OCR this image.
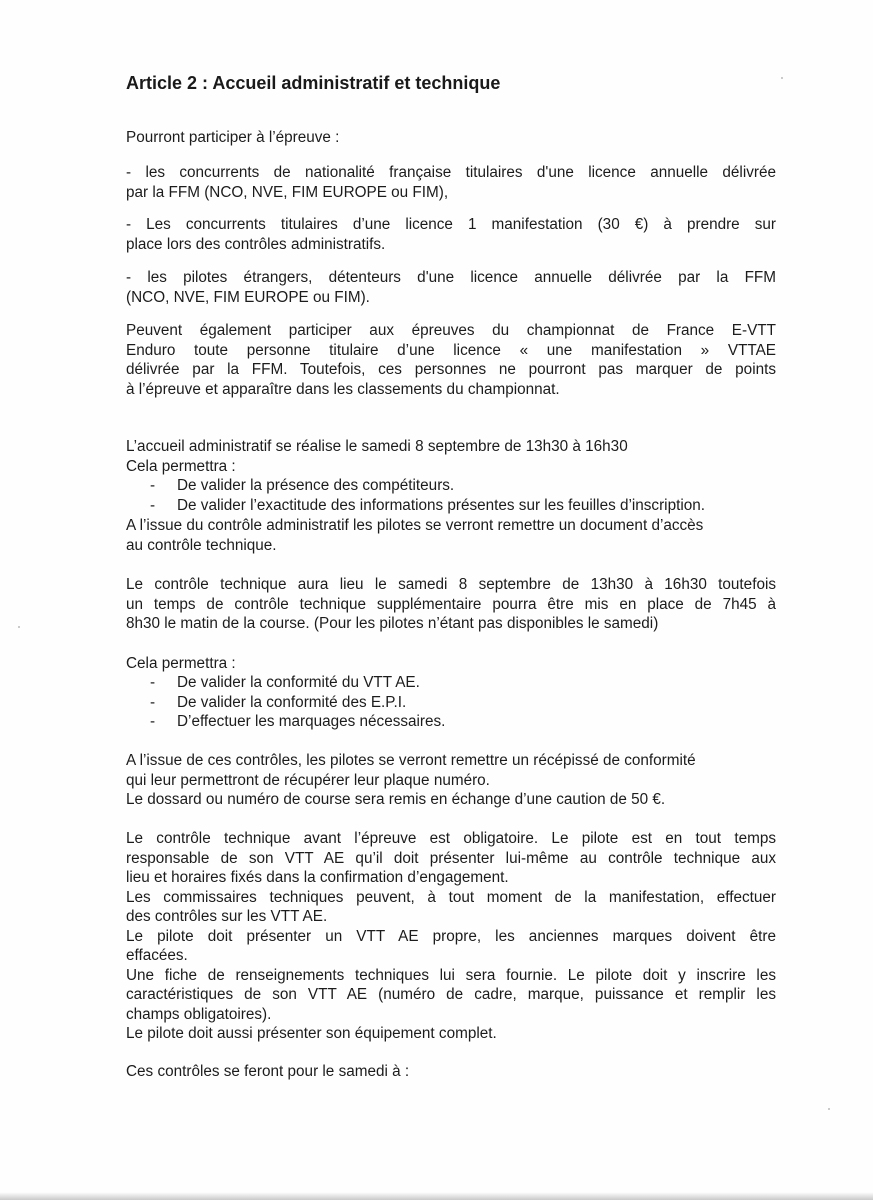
Article 2 : Accueil administratif et technique

Pourront participer à l’épreuve :

- les concurrents de nationalité française titulaires d'une licence annuelle délivrée
par la FFM (NCO, NVE, FIM EUROPE ou FIM),

- Les concurrents titulaires d’une licence 1 manifestation (30 €) à prendre sur
place lors des contrôles administratifs.

- les pilotes étrangers, détenteurs d'une licence annuelle délivrée par la FFM
(NCO, NVE, FIM EUROPE ou FIM).

Peuvent également participer aux épreuves du championnat de France E-VTT
Enduro toute personne titulaire d’une licence « une manifestation » VTTAE
délivrée par la FFM. Toutefois, ces personnes ne pourront pas marquer de points
à l’épreuve et apparaître dans les classements du championnat.

L’accueil administratif se réalise le samedi 8 septembre de 13h30 à 16h30
Cela permettra :

- De valider la présence des compétiteurs.
- De valider l’exactitude des informations présentes sur les feuilles d’inscription.

A l’issue du contrôle administratif les pilotes se verront remettre un document d’accès
au contrôle technique.

Le contrôle technique aura lieu le samedi 8 septembre de 13h30 à 16h30 toutefois
un temps de contrôle technique supplémentaire pourra être mis en place de 7h45 à
8h30 le matin de la course. (Pour les pilotes n’étant pas disponibles le samedi)

Cela permettra :

- De valider la conformité du VTT AE.
- De valider la conformité des E.P.I.
- D’effectuer les marquages nécessaires.

A l’issue de ces contrôles, les pilotes se verront remettre un récépissé de conformité
qui leur permettront de récupérer leur plaque numéro.
Le dossard ou numéro de course sera remis en échange d’une caution de 50 €.

Le contrôle technique avant l’épreuve est obligatoire. Le pilote est en tout temps
responsable de son VTT AE qu’il doit présenter lui-même au contrôle technique aux
lieu et horaires fixés dans la confirmation d’engagement.
Les commissaires techniques peuvent, à tout moment de la manifestation, effectuer
des contrôles sur les VTT AE.
Le pilote doit présenter un VTT AE propre, les anciennes marques doivent être
effacées.
Une fiche de renseignements techniques lui sera fournie. Le pilote doit y inscrire les
caractéristiques de son VTT AE (numéro de cadre, marque, puissance et remplir les
champs obligatoires).
Le pilote doit aussi présenter son équipement complet.

Ces contrôles se feront pour le samedi à :
